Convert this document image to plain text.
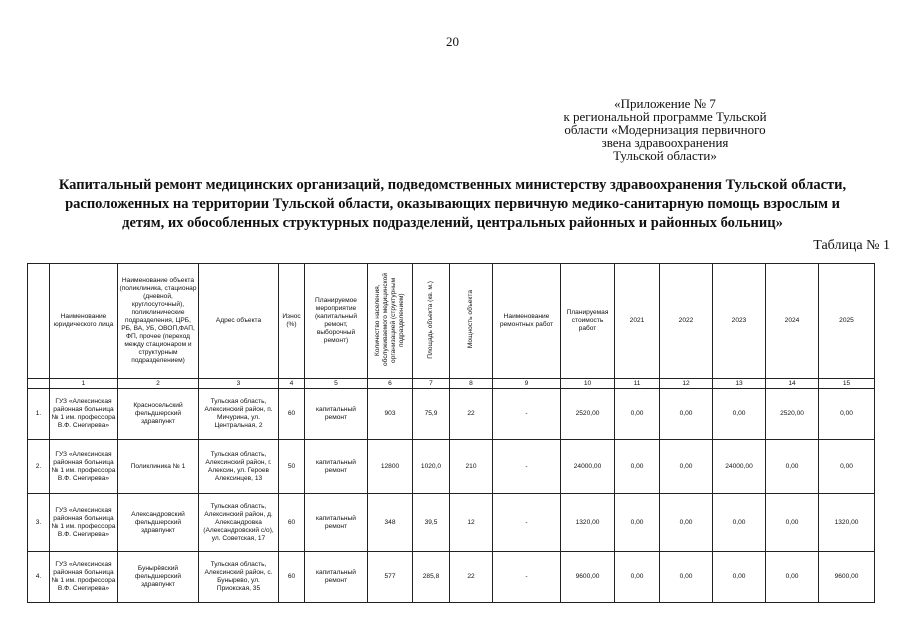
20
«Приложение № 7
к региональной программе Тульской
области «Модернизация первичного
звена здравоохранения
Тульской области»
Капитальный ремонт медицинских организаций, подведомственных министерству здравоохранения Тульской области,
расположенных на территории Тульской области, оказывающих первичную медико-санитарную помощь взрослым и
детям, их обособленных структурных подразделений, центральных районных и районных больниц»
Таблица № 1
	Наименование юридического лица	Наименование объекта (поликлиника, стационар (дневной, круглосуточный), поликлинические подразделения, ЦРБ, РБ, ВА, УБ, ОВОП,ФАП, ФП, прочее (переход между стационаром и структурным подразделением)	Адрес объекта	Износ (%)	Планируемое мероприятие (капитальный ремонт, выборочный ремонт)	Количество населения, обслуживаемого медицинской организацией (структурным подразделением)	Площадь объекта (кв. м.)	Мощность объекта	Наименование ремонтных работ	Планируемая стоимость работ	2021	2022	2023	2024	2025
	1	2	3	4	5	6	7	8	9	10	11	12	13	14	15
1.	ГУЗ «Алексинская районная больница № 1 им. профессора В.Ф. Снегирева»	Красносельский фельдшерский здравпункт	Тульская область, Алексинский район, п. Мичурина, ул. Центральная, 2	60	капитальный ремонт	903	75,9	22	-	2520,00	0,00	0,00	0,00	2520,00	0,00
2.	ГУЗ «Алексинская районная больница № 1 им. профессора В.Ф. Снегирева»	Поликлиника № 1	Тульская область, Алексинский район, г. Алексин, ул. Героев Алексинцев, 13	50	капитальный ремонт	12800	1020,0	210	-	24000,00	0,00	0,00	24000,00	0,00	0,00
3.	ГУЗ «Алексинская районная больница № 1 им. профессора В.Ф. Снегирева»	Александровский фельдшерский здравпункт	Тульская область, Алексинский район, д. Александровка (Александровский с/о), ул. Советская, 17	60	капитальный ремонт	348	39,5	12	-	1320,00	0,00	0,00	0,00	0,00	1320,00
4.	ГУЗ «Алексинская районная больница № 1 им. профессора В.Ф. Снегирева»	Бунырёвский фельдшерский здравпункт	Тульская область, Алексинский район, с. Бунырево, ул. Приокская, 35	60	капитальный ремонт	577	285,8	22	-	9600,00	0,00	0,00	0,00	0,00	9600,00
